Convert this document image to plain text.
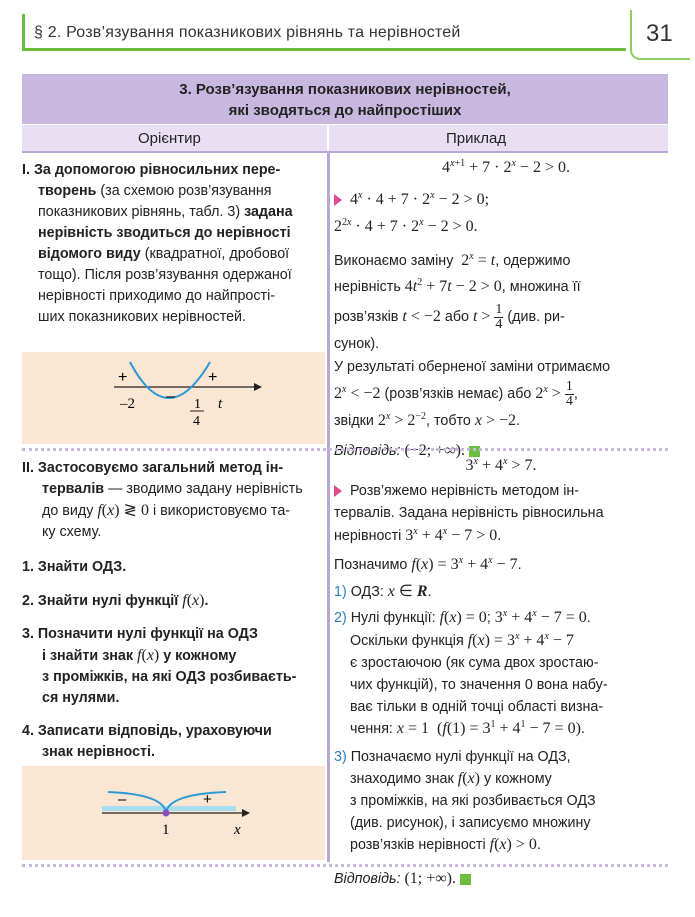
§ 2. Розв’язування показникових рівнянь та нерівностей	31
3. Розв’язування показникових нерівностей,
які зводяться до найпростіших
Орієнтир	Приклад
I. За допомогою рівносильних пере-
творень (за схемою розв’язування
показникових рівнянь, табл. 3) задана
нерівність зводиться до нерівності
відомого виду (квадратної, дробової
тощо). Після розв’язування одержаної
нерівності приходимо до найпрості-
ших показникових нерівностей.
+
–
+
–2	1
4
t
$4^{x+1} + 7 \cdot 2^x - 2 > 0$.
$4^x \cdot 4 + 7 \cdot 2^x - 2 > 0$;
$2^{2x} \cdot 4 + 7 \cdot 2^x - 2 > 0$.
Виконаємо заміну $2^x = t$, одержимо
нерівність $4t^2 + 7t - 2 > 0$, множина її
розв’язків t < −2 або $t > \frac{1}{4} (див$. ри-
сунок).
У результаті оберненої заміни отримаємо
$2^x < -2$ (розв’язків немає) або $2^x > \frac{1}{4}$ ,
звідки $2^x > 2^{-2}$, тобто x > −2.
Відповідь: (−2; +∞).
II. Застосовуємо загальний метод ін-
тервалів — зводимо задану нерівність
до виду f(x) ≷ 0 і використовуємо та-
ку схему.
1. Знайти ОДЗ.
2. Знайти нулі функції f(x).
3. Позначити нулі функції на ОДЗ
і знайти знак f(x) у кожному
з проміжків, на які ОДЗ розбиваєть-
ся нулями.
4. Записати відповідь, ураховуючи
знак нерівності.
–	+
1	x
$3^x + 4^x > 7$.
Розв’яжемо нерівність методом ін-
тервалів. Задана нерівність рівносильна
нерівності $3^x + 4^x - 7 > 0$.
Позначимо $f(x) = 3^x + 4^x - 7$.
1) ОДЗ: x ∈ R.
2) Нулі функції: f(x) = 0; $3^x + 4^x - 7 = 0$.
Оскільки функція $f(x) = 3^x + 4^x - 7$
є зростаючою (як сума двох зростаю-
чих функцій), то значення 0 вона набу-
ває тільки в одній точці області визна-
чення: x = 1  $(f(1) = 3^1 + 4^1 - 7 = 0)$.
3) Позначаємо нулі функції на ОДЗ,
знаходимо знак f(x) у кожному
з проміжків, на які розбивається ОДЗ
(див. рисунок), і записуємо множину
розв’язків нерівності f(x) > 0.
Відповідь: (1; +∞).
